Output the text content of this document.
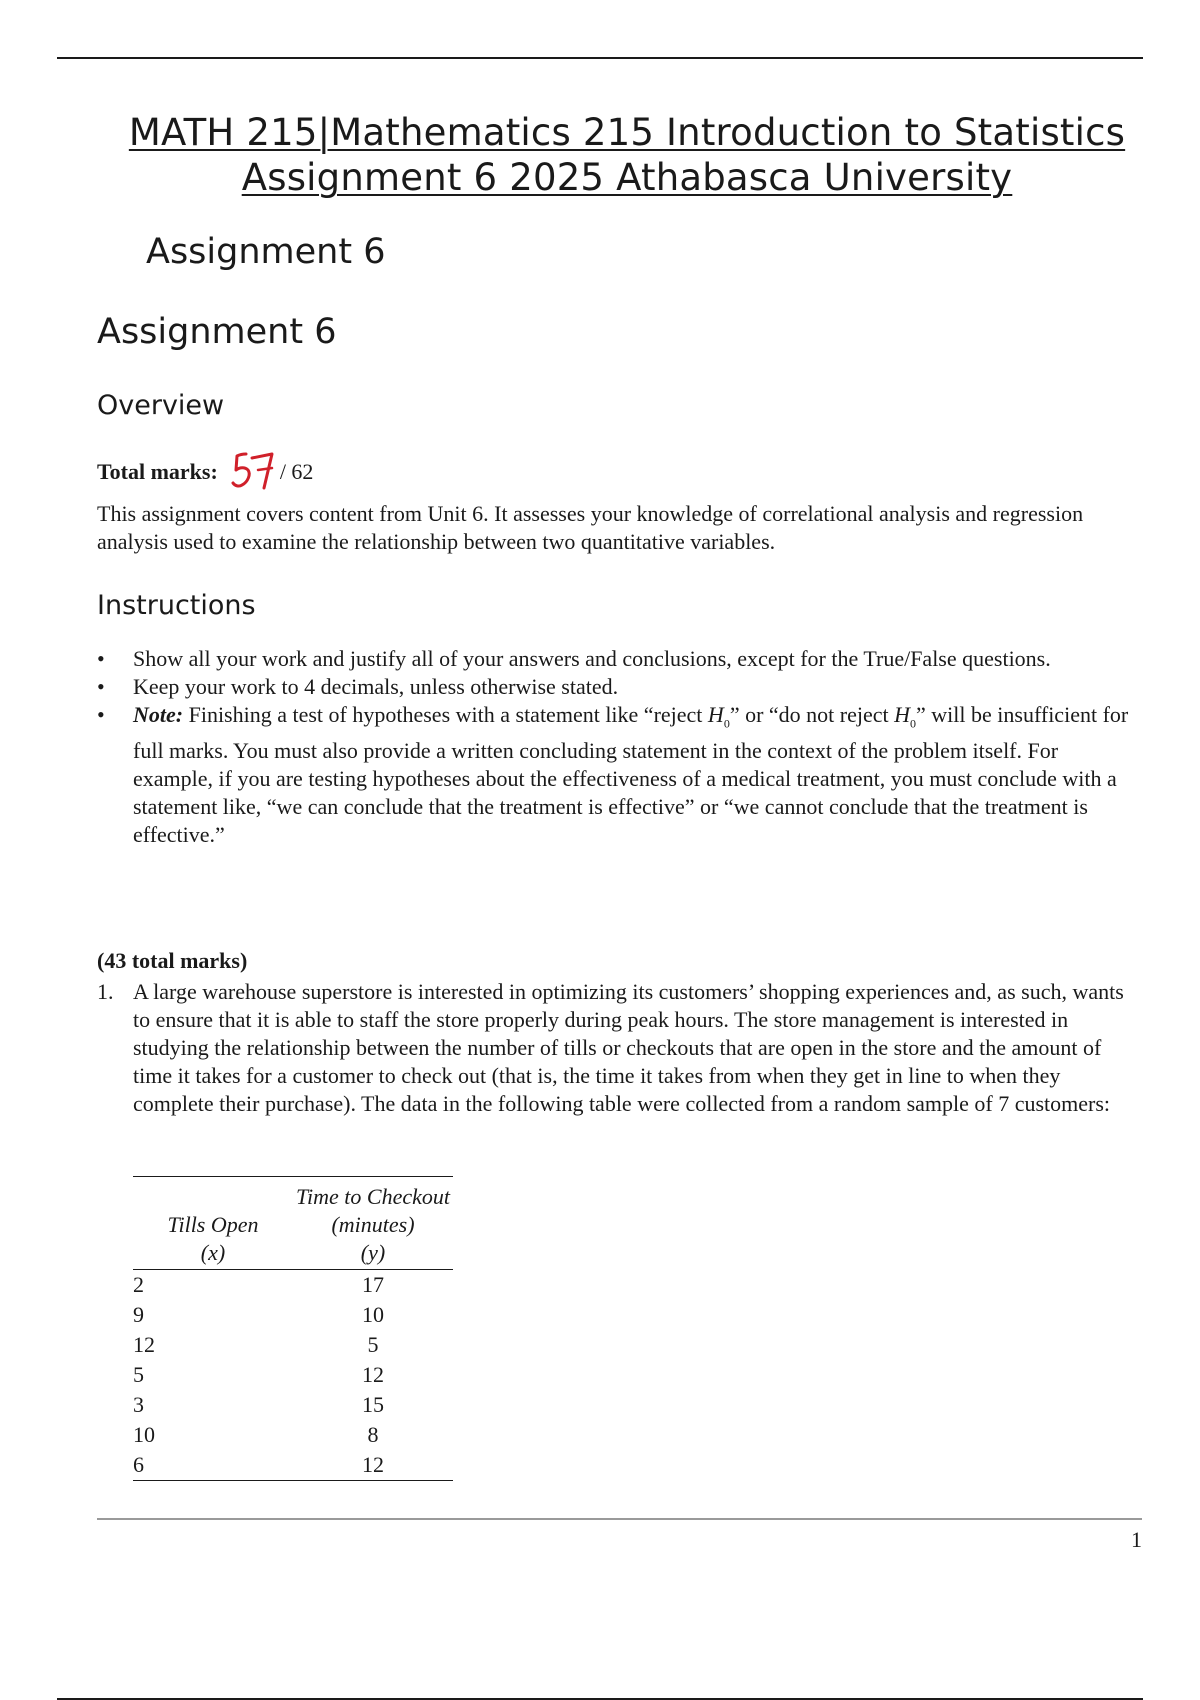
MATH 215|Mathematics 215 Introduction to Statistics
Assignment 6 2025 Athabasca University
Assignment 6
Assignment 6
Overview
Total marks:	/ 62
This assignment covers content from Unit 6. It assesses your knowledge of correlational analysis and regression analysis used to examine the relationship between two quantitative variables.
Instructions
• Show all your work and justify all of your answers and conclusions, except for the True/False questions.
• Keep your work to 4 decimals, unless otherwise stated.
• Note: Finishing a test of hypotheses with a statement like “reject $H_0$” or “do not reject $H_0$” will be insufficient for full marks. You must also provide a written concluding statement in the context of the problem itself. For example, if you are testing hypotheses about the effectiveness of a medical treatment, you must conclude with a statement like, “we can conclude that the treatment is effective” or “we cannot conclude that the treatment is effective.”
(43 total marks)
1. A large warehouse superstore is interested in optimizing its customers’ shopping experiences and, as such, wants to ensure that it is able to staff the store properly during peak hours. The store management is interested in studying the relationship between the number of tills or checkouts that are open in the store and the amount of time it takes for a customer to check out (that is, the time it takes from when they get in line to when they complete their purchase). The data in the following table were collected from a random sample of 7 customers:
Tills Open
(x)	Time to Checkout
(minutes)
(y)
2	17
9	10
12	5
5	12
3	15
10	8
6	12
1
